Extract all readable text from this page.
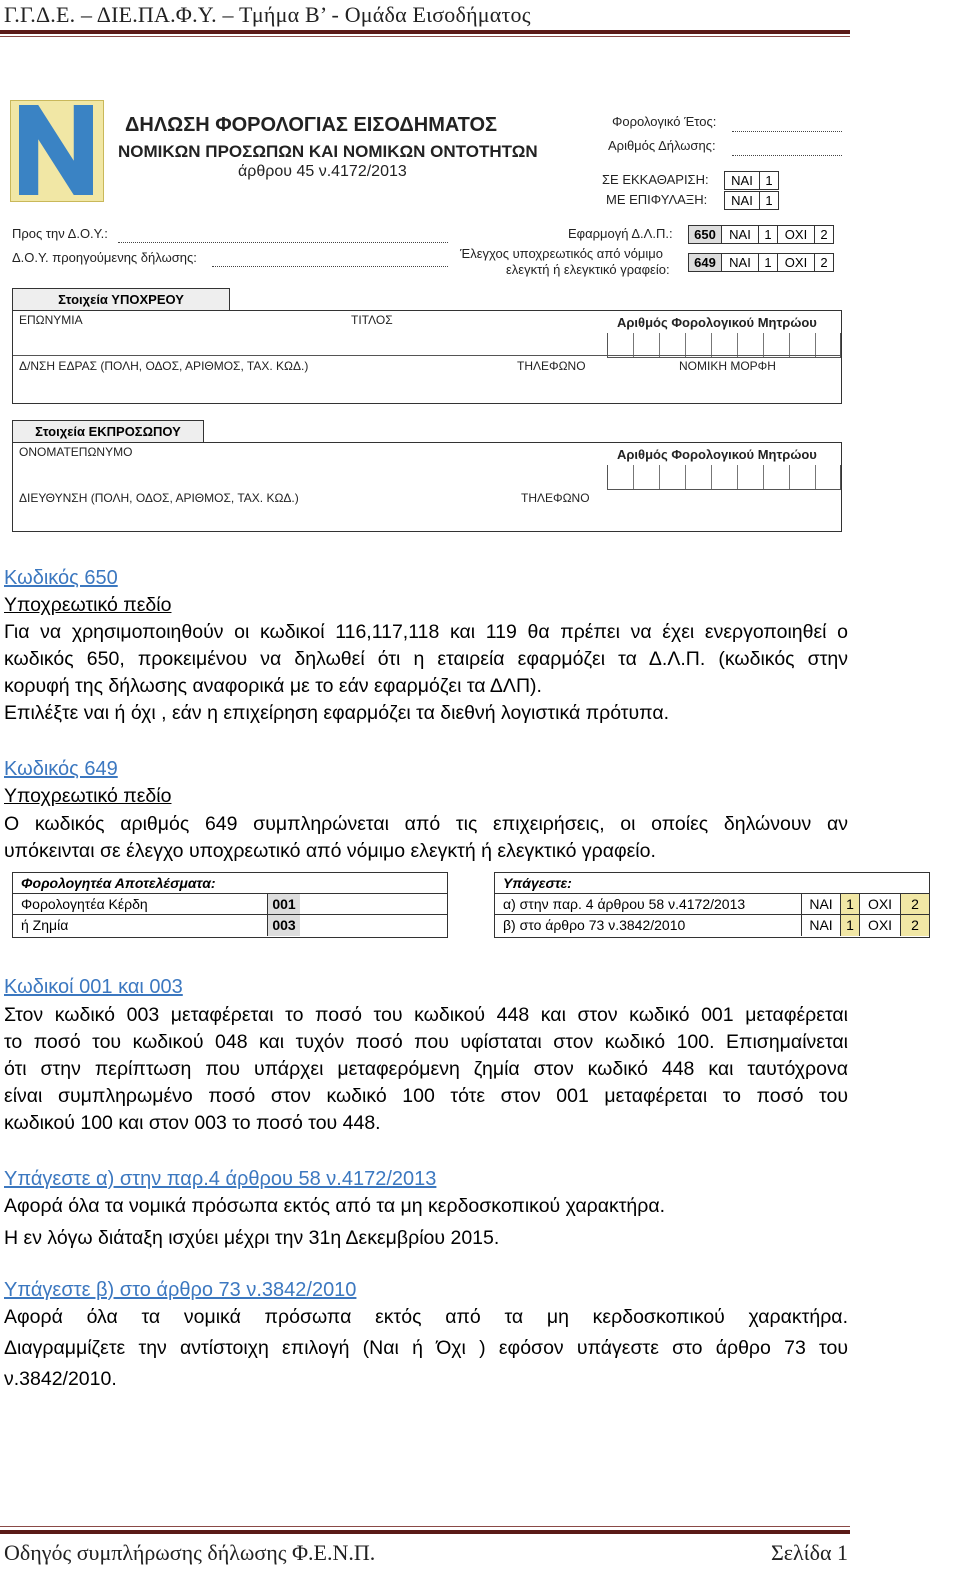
Γ.Γ.Δ.Ε. – ΔΙΕ.ΠΑ.Φ.Υ. – Τμήμα Β’ - Ομάδα Εισοδήματος
ΔΗΛΩΣΗ ΦΟΡΟΛΟΓΙΑΣ ΕΙΣΟΔΗΜΑΤΟΣ
ΝΟΜΙΚΩΝ ΠΡΟΣΩΠΩΝ ΚΑΙ ΝΟΜΙΚΩΝ ΟΝΤΟΤΗΤΩΝ
άρθρου 45 ν.4172/2013
Φορολογικό Έτος:
Αριθμός Δήλωσης:
ΣΕ ΕΚΚΑΘΑΡΙΣΗ:	ΝΑΙ 1
ΜΕ ΕΠΙΦΥΛΑΞΗ:	ΝΑΙ 1
Προς την Δ.Ο.Υ.:
Δ.Ο.Υ. προηγούμενης δήλωσης:
Εφαρμογή Δ.Λ.Π.:	650	ΝΑΙ	1	ΟΧΙ	2
Έλεγχος υποχρεωτικός από νόμιμο
ελεγκτή ή ελεγκτικό γραφείο:	649	ΝΑΙ	1	ΟΧΙ	2
Στοιχεία ΥΠΟΧΡΕΟΥ
ΕΠΩΝΥΜΙΑ	ΤΙΤΛΟΣ	Αριθμός Φορολογικού Μητρώου
Δ/ΝΣΗ ΕΔΡΑΣ (ΠΟΛΗ, ΟΔΟΣ, ΑΡΙΘΜΟΣ, ΤΑΧ. ΚΩΔ.)	ΤΗΛΕΦΩΝΟ	ΝΟΜΙΚΗ ΜΟΡΦΗ
Στοιχεία ΕΚΠΡΟΣΩΠΟΥ
ΟΝΟΜΑΤΕΠΩΝΥΜΟ	Αριθμός Φορολογικού Μητρώου
ΔΙΕΥΘΥΝΣΗ (ΠΟΛΗ, ΟΔΟΣ, ΑΡΙΘΜΟΣ, ΤΑΧ. ΚΩΔ.)	ΤΗΛΕΦΩΝΟ
Κωδικός 650
Υποχρεωτικό πεδίο
Για να χρησιμοποιηθούν οι κωδικοί 116,117,118 και 119 θα πρέπει να έχει ενεργοποιηθεί ο
κωδικός 650, προκειμένου να δηλωθεί ότι η εταιρεία εφαρμόζει τα Δ.Λ.Π. (κωδικός στην
κορυφή της δήλωσης αναφορικά με το εάν εφαρμόζει τα ΔΛΠ).
Επιλέξτε ναι ή όχι , εάν η επιχείρηση εφαρμόζει τα διεθνή λογιστικά πρότυπα.
Κωδικός 649
Υποχρεωτικό πεδίο
Ο κωδικός αριθμός 649 συμπληρώνεται από τις επιχειρήσεις, οι οποίες δηλώνουν αν
υπόκεινται σε έλεγχο υποχρεωτικό από νόμιμο ελεγκτή ή ελεγκτικό γραφείο.
Φορολογητέα Αποτελέσματα:
Φορολογητέα Κέρδη	001
ή Ζημία	003
Υπάγεστε:
α) στην παρ. 4 άρθρου 58 ν.4172/2013	ΝΑΙ 1	ΟΧΙ	2
β) στο άρθρο 73 ν.3842/2010	ΝΑΙ 1	ΟΧΙ	2
Κωδικοί 001 και 003
Στον κωδικό 003 μεταφέρεται το ποσό του κωδικού 448 και στον κωδικό 001 μεταφέρεται
το ποσό του κωδικού 048 και τυχόν ποσό που υφίσταται στον κωδικό 100. Επισημαίνεται
ότι στην περίπτωση που υπάρχει μεταφερόμενη ζημία στον κωδικό 448 και ταυτόχρονα
είναι συμπληρωμένο ποσό στον κωδικό 100 τότε στον 001 μεταφέρεται το ποσό του
κωδικού 100 και στον 003 το ποσό του 448.
Υπάγεστε α) στην παρ.4 άρθρου 58 ν.4172/2013
Αφορά όλα τα νομικά πρόσωπα εκτός από τα μη κερδοσκοπικού χαρακτήρα.
Η εν λόγω διάταξη ισχύει μέχρι την 31η Δεκεμβρίου 2015.
Υπάγεστε β) στο άρθρο 73 ν.3842/2010
Αφορά όλα τα νομικά πρόσωπα εκτός από τα μη κερδοσκοπικού χαρακτήρα.
Διαγραμμίζετε την αντίστοιχη επιλογή (Ναι ή Όχι ) εφόσον υπάγεστε στο άρθρο 73 του
ν.3842/2010.
Οδηγός συμπλήρωσης δήλωσης Φ.Ε.Ν.Π.	Σελίδα 1
